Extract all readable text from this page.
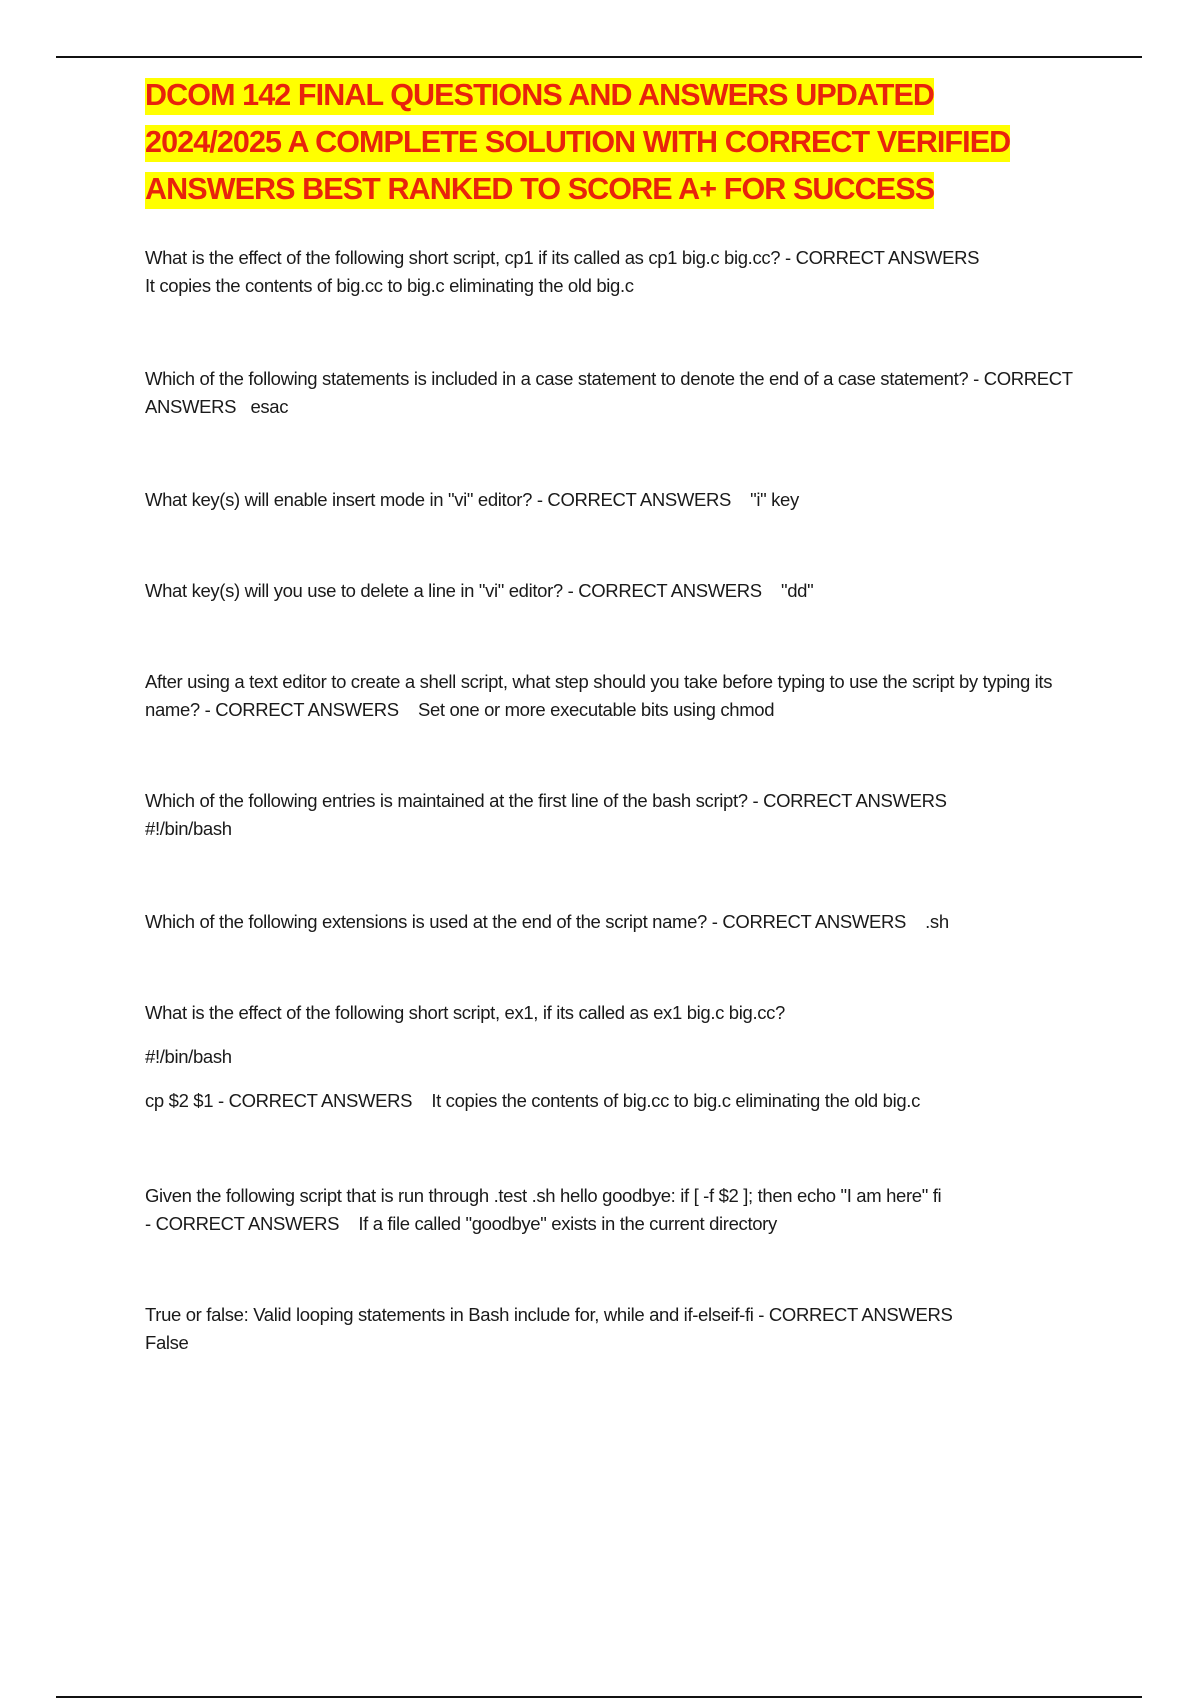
DCOM 142 FINAL QUESTIONS AND ANSWERS UPDATED
2024/2025 A COMPLETE SOLUTION WITH CORRECT VERIFIED
ANSWERS BEST RANKED TO SCORE A+ FOR SUCCESS

What is the effect of the following short script, cp1 if its called as cp1 big.c big.cc? - CORRECT ANSWERS
It copies the contents of big.cc to big.c eliminating the old big.c

Which of the following statements is included in a case statement to denote the end of a case statement? - CORRECT ANSWERS esac

What key(s) will enable insert mode in "vi" editor? - CORRECT ANSWERS "i" key

What key(s) will you use to delete a line in "vi" editor? - CORRECT ANSWERS "dd"

After using a text editor to create a shell script, what step should you take before typing to use the script by typing its name? - CORRECT ANSWERS Set one or more executable bits using chmod

Which of the following entries is maintained at the first line of the bash script? - CORRECT ANSWERS
#!/bin/bash

Which of the following extensions is used at the end of the script name? - CORRECT ANSWERS .sh

What is the effect of the following short script, ex1, if its called as ex1 big.c big.cc?

#!/bin/bash

cp $2 $1 - CORRECT ANSWERS It copies the contents of big.cc to big.c eliminating the old big.c

Given the following script that is run through .test .sh hello goodbye: if [ -f $2 ]; then echo "I am here" fi
- CORRECT ANSWERS If a file called "goodbye" exists in the current directory

True or false: Valid looping statements in Bash include for, while and if-elseif-fi - CORRECT ANSWERS
False
